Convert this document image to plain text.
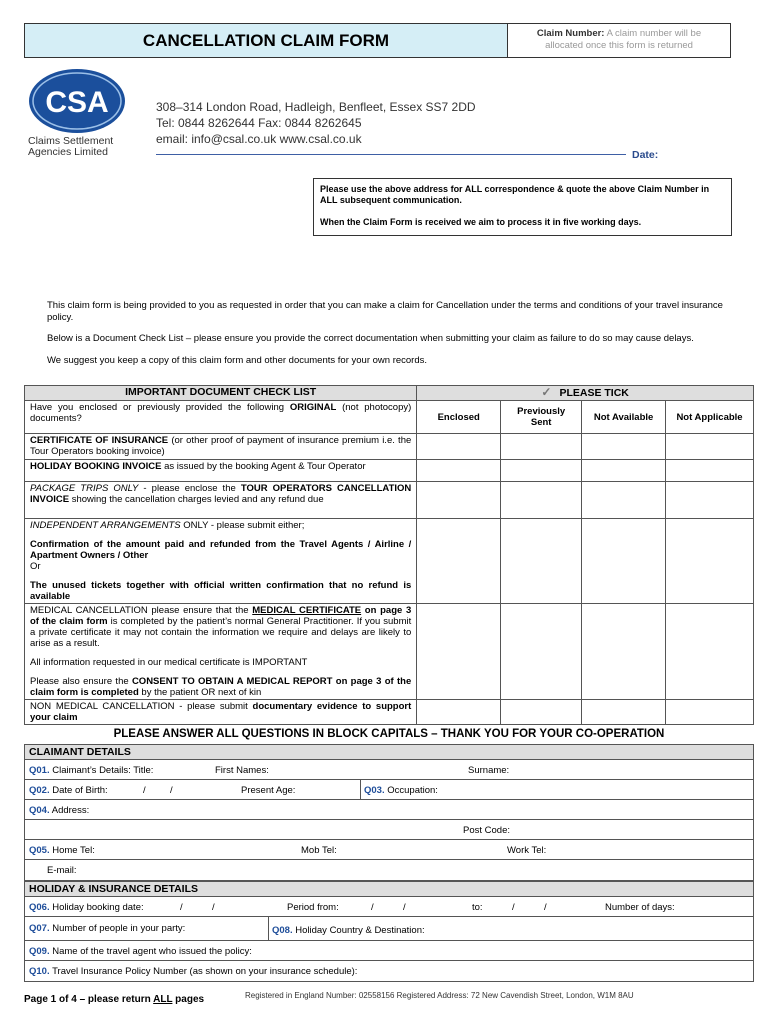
CANCELLATION CLAIM FORM	Claim Number: A claim number will be
allocated once this form is returned
CSA
Claims Settlement
Agencies Limited
308–314 London Road, Hadleigh, Benfleet, Essex SS7 2DD
Tel: 0844 8262644 Fax: 0844 8262645
email: info@csal.co.uk www.csal.co.uk
Date:

Please use the above address for ALL correspondence & quote the above Claim Number in ALL subsequent communication.

When the Claim Form is received we aim to process it in five working days.

This claim form is being provided to you as requested in order that you can make a claim for Cancellation under the terms and conditions of your travel insurance policy.

Below is a Document Check List – please ensure you provide the correct documentation when submitting your claim as failure to do so may cause delays.

We suggest you keep a copy of this claim form and other documents for your own records.

IMPORTANT DOCUMENT CHECK LIST	✓ PLEASE TICK			
Have you enclosed or previously provided the following ORIGINAL (not photocopy) documents?	Enclosed	Previously Sent	Not Available	Not Applicable
CERTIFICATE OF INSURANCE (or other proof of payment of insurance premium i.e. the Tour Operators booking invoice)				
HOLIDAY BOOKING INVOICE as issued by the booking Agent & Tour Operator				
PACKAGE TRIPS ONLY - please enclose the TOUR OPERATORS CANCELLATION INVOICE showing the cancellation charges levied and any refund due				

INDEPENDENT ARRANGEMENTS ONLY - please submit either;
Confirmation of the amount paid and refunded from the Travel Agents / Airline / Apartment Owners / Other
Or
The unused tickets together with official written confirmation that no refund is available				

MEDICAL CANCELLATION please ensure that the MEDICAL CERTIFICATE on page 3 of the claim form is completed by the patient’s normal General Practitioner. If you submit a private certificate it may not contain the information we require and delays are likely to arise as a result.
All information requested in our medical certificate is IMPORTANT
Please also ensure the CONSENT TO OBTAIN A MEDICAL REPORT on page 3 of the claim form is completed by the patient OR next of kin				

NON MEDICAL CANCELLATION - please submit documentary evidence to support your claim				
PLEASE ANSWER ALL QUESTIONS IN BLOCK CAPITALS – THANK YOU FOR YOUR CO-OPERATION
CLAIMANT DETAILS
Q01. Claimant’s Details: Title:	First Names:	Surname:
Q02. Date of Birth:	/	/	Present Age:	Q03. Occupation:
Q04. Address:
Post Code:
Q05. Home Tel:	Mob Tel:	Work Tel:
E-mail:
HOLIDAY & INSURANCE DETAILS
Q06. Holiday booking date:	/	/	Period from:	/	/	to:	/	/	Number of days:
Q07. Number of people in your party:	Q08. Holiday Country & Destination:
Q09. Name of the travel agent who issued the policy:
Q10. Travel Insurance Policy Number (as shown on your insurance schedule):
Page 1 of 4 – please return ALL pages	Registered in England Number: 02558156 Registered Address: 72 New Cavendish Street, London, W1M 8AU
